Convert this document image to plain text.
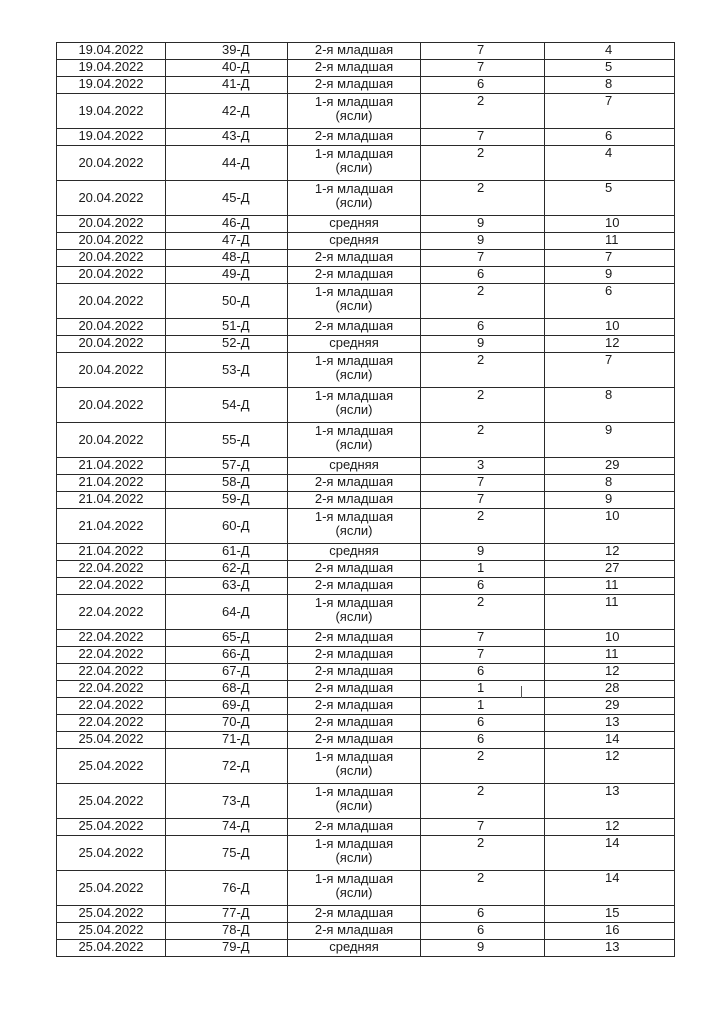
19.04.2022	39-Д	2-я младшая	7	4
19.04.2022	40-Д	2-я младшая	7	5
19.04.2022	41-Д	2-я младшая	6	8
19.04.2022	42-Д	1-я младшая
(ясли)	2	7
19.04.2022	43-Д	2-я младшая	7	6
20.04.2022	44-Д	1-я младшая
(ясли)	2	4
20.04.2022	45-Д	1-я младшая
(ясли)	2	5
20.04.2022	46-Д	средняя	9	10
20.04.2022	47-Д	средняя	9	11
20.04.2022	48-Д	2-я младшая	7	7
20.04.2022	49-Д	2-я младшая	6	9
20.04.2022	50-Д	1-я младшая
(ясли)	2	6
20.04.2022	51-Д	2-я младшая	6	10
20.04.2022	52-Д	средняя	9	12
20.04.2022	53-Д	1-я младшая
(ясли)	2	7
20.04.2022	54-Д	1-я младшая
(ясли)	2	8
20.04.2022	55-Д	1-я младшая
(ясли)	2	9
21.04.2022	57-Д	средняя	3	29
21.04.2022	58-Д	2-я младшая	7	8
21.04.2022	59-Д	2-я младшая	7	9
21.04.2022	60-Д	1-я младшая
(ясли)	2	10
21.04.2022	61-Д	средняя	9	12
22.04.2022	62-Д	2-я младшая	1	27
22.04.2022	63-Д	2-я младшая	6	11
22.04.2022	64-Д	1-я младшая
(ясли)	2	11
22.04.2022	65-Д	2-я младшая	7	10
22.04.2022	66-Д	2-я младшая	7	11
22.04.2022	67-Д	2-я младшая	6	12
22.04.2022	68-Д	2-я младшая	1	28
22.04.2022	69-Д	2-я младшая	1	29
22.04.2022	70-Д	2-я младшая	6	13
25.04.2022	71-Д	2-я младшая	6	14
25.04.2022	72-Д	1-я младшая
(ясли)	2	12
25.04.2022	73-Д	1-я младшая
(ясли)	2	13
25.04.2022	74-Д	2-я младшая	7	12
25.04.2022	75-Д	1-я младшая
(ясли)	2	14
25.04.2022	76-Д	1-я младшая
(ясли)	2	14
25.04.2022	77-Д	2-я младшая	6	15
25.04.2022	78-Д	2-я младшая	6	16
25.04.2022	79-Д	средняя	9	13
